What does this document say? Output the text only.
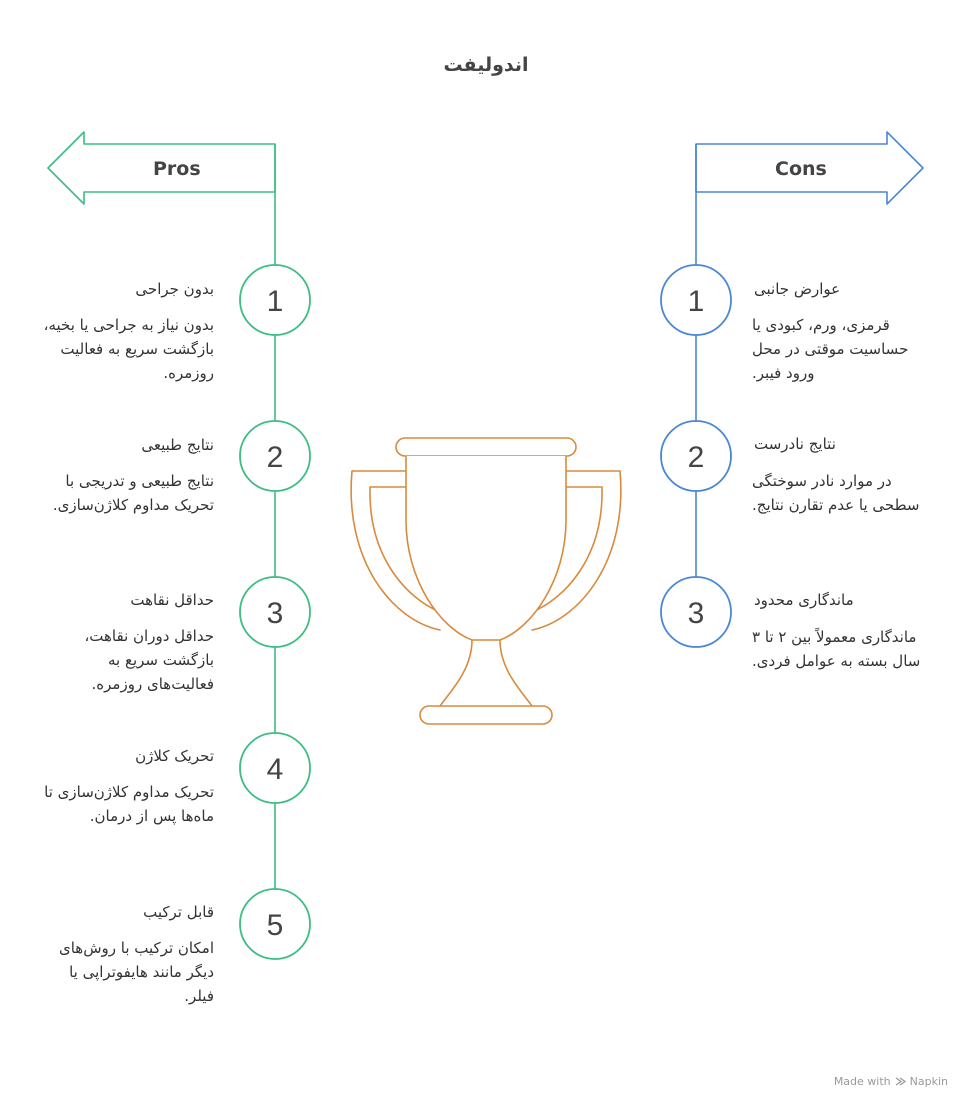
اندولیفت
1
2
3
4
5
1
2
3
Pros	Cons
بدون جراحی
بدون نیاز به جراحی یا بخیه، بازگشت سریع به فعالیت روزمره.
نتایج طبیعی
نتایج طبیعی و تدریجی با تحریک مداوم کلاژن‌سازی.
حداقل نقاهت
حداقل دوران نقاهت، بازگشت سریع به فعالیت‌های روزمره.
تحریک کلاژن
تحریک مداوم کلاژن‌سازی تا ماه‌ها پس از درمان.
قابل ترکیب
امکان ترکیب با روش‌های دیگر مانند هایفوتراپی یا فیلر.
عوارض جانبی
قرمزی، ورم، کبودی یا حساسیت موقتی در محل ورود فیبر.
نتایج نادرست
در موارد نادر سوختگی سطحی یا عدم تقارن نتایج.
ماندگاری محدود
ماندگاری معمولاً بین ۲ تا ۳ سال بسته به عوامل فردی.
Made with Napkin
